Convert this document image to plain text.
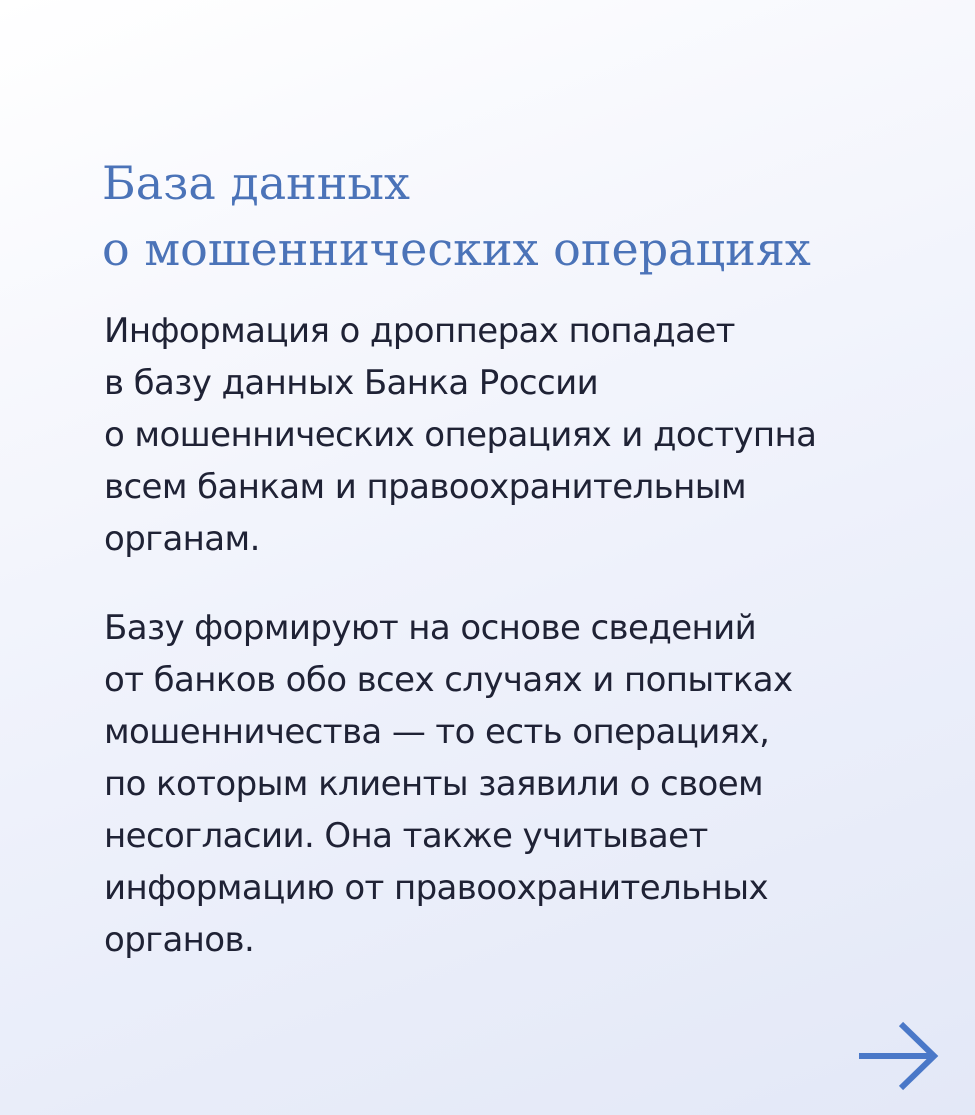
База данных
о мошеннических операциях

Информация о дропперах попадает
в базу данных Банка России
о мошеннических операциях и доступна
всем банкам и правоохранительным
органам.

Базу формируют на основе сведений
от банков обо всех случаях и попытках
мошенничества — то есть операциях,
по которым клиенты заявили о своем
несогласии. Она также учитывает
информацию от правоохранительных
органов.
